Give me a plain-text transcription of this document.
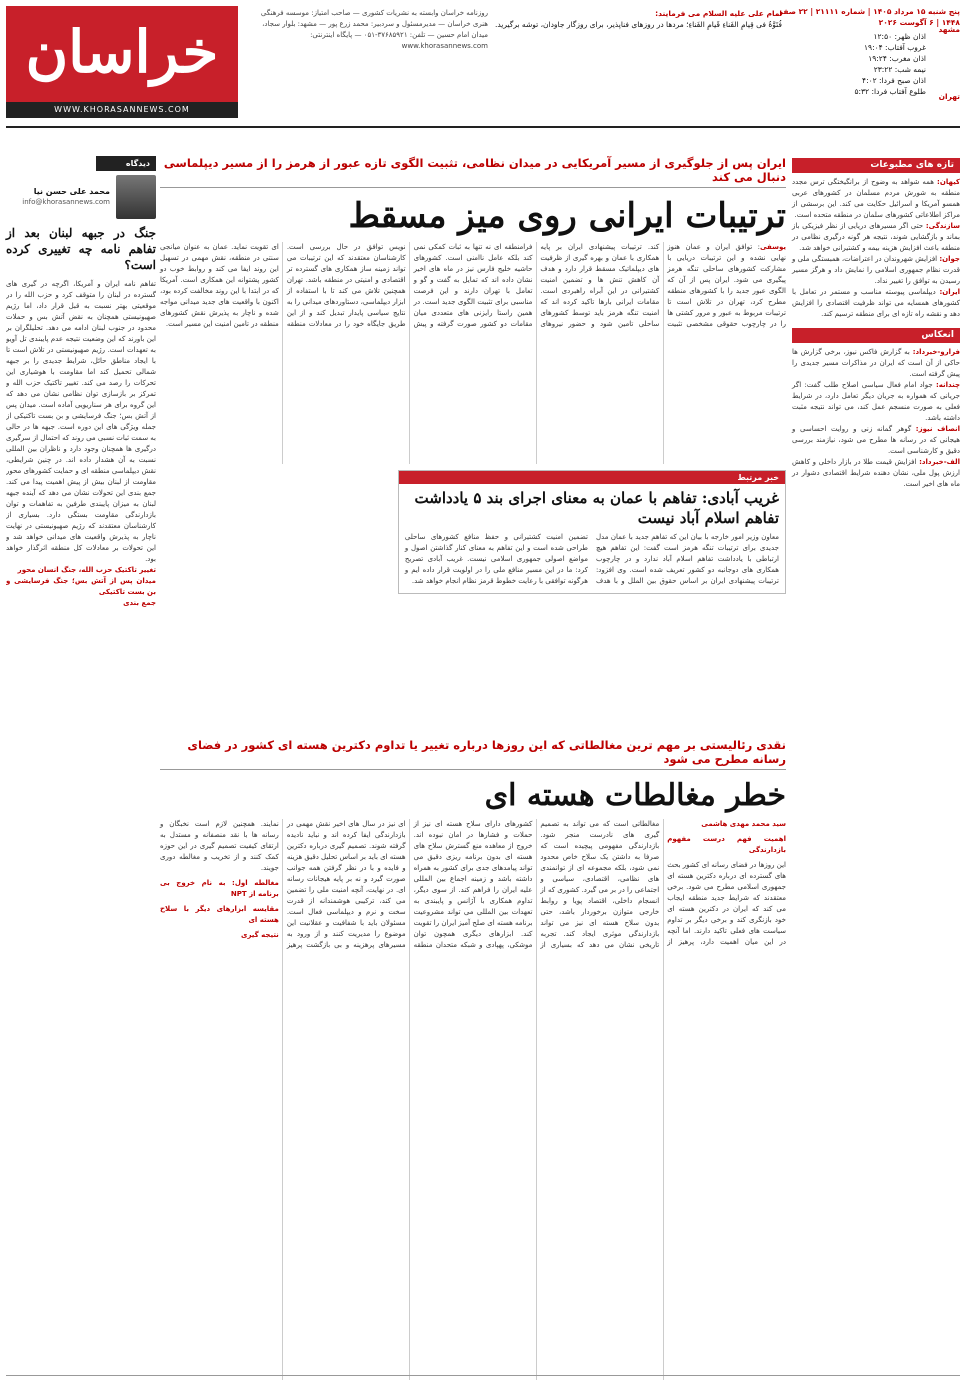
خراسان
WWW.KHORASANNEWS.COM
روزنامه خراسان وابسته به نشریات کشوری — صاحب امتیاز: موسسه فرهنگی هنری خراسان — مدیرمسئول و سردبیر: محمد زرع پور — مشهد: بلوار سجاد، میدان امام حسین — تلفن: ۳۷۶۸۵۹۲۱-۰۵۱ — پایگاه اینترنتی: www.khorasannews.com
امام علی علیه السلام می فرمایند:
فُتَوَّةُ فی قِیامِ الفَناءِ قَیامِ الفَناءِ؛ مردها در روزهای فناپذیر، برای روزگار جاودان، توشه برگیرید.
پنج شنبه ۱۵ مرداد ۱۴۰۵ | شماره ۲۱۱۱۱ | ۲۲ صفر ۱۴۴۸ | ۶ آگوست ۲۰۲۶
مشهد
تهران
اذان ظهر: ۱۲:۵۰
غروب آفتاب: ۱۹:۰۴
اذان مغرب: ۱۹:۲۴
نیمه شب: ۲۳:۲۲
اذان صبح فردا: ۴:۰۲
طلوع آفتاب فردا: ۵:۳۲
تازه های مطبوعات

کیهان: همه شواهد به وضوح از برانگیختگی ترس مجدد منطقه به شورش مردم مسلمان در کشورهای عربی همسو آمریکا و اسرائیل حکایت می کند. این برسشی از مراکز اطلاعاتی کشورهای سلمان در منطقه متحده است.

سازندگی: حتی اگر مسیرهای دریایی از نظر فیزیکی باز بماند و بازگشایی شوند، نتیجه هر گونه درگیری نظامی در منطقه باعث افزایش هزینه بیمه و کشتیرانی خواهد شد.

جوان: افزایش شهروندان در اعتراضات، همبستگی ملی و قدرت نظام جمهوری اسلامی را نمایش داد و هرگز مسیر رسیدن به توافق را تغییر نداد.

ایران: دیپلماسی پیوسته مناسب و مستمر در تعامل با کشورهای همسایه می تواند ظرفیت اقتصادی را افزایش دهد و نقشه راه تازه ای برای منطقه ترسیم کند.

انعکاس

فرارو-خبرداد: به گزارش فاکس نیوز، برخی گزارش ها حاکی از آن است که ایران در مذاکرات مسیر جدیدی را پیش گرفته است.

چندانه: جواد امام فعال سیاسی اصلاح طلب گفت: اگر جریانی که همواره به جریان دیگر تعامل دارد، در شرایط فعلی به صورت منسجم عمل کند، می تواند نتیجه مثبت داشته باشد.

انصاف نیوز: گوهر گمانه زنی و روایت احساسی و هیجانی که در رسانه ها مطرح می شود، نیازمند بررسی دقیق و کارشناسی است.

الف-خبرداد: افزایش قیمت طلا در بازار داخلی و کاهش ارزش پول ملی، نشان دهنده شرایط اقتصادی دشوار در ماه های اخیر است.

ایران پس از جلوگیری از مسیر آمریکایی در میدان نظامی، تثبیت الگوی تازه عبور از هرمز را از مسیر دیپلماسی دنبال می کند
ترتیبات ایرانی روی میز مسقط
یوسفی: توافق ایران و عمان هنوز نهایی نشده و این ترتیبات دریایی با مشارکت کشورهای ساحلی تنگه هرمز پیگیری می شود. ایران پس از آن که الگوی عبور جدید را با کشورهای منطقه مطرح کرد، تهران در تلاش است تا ترتیبات مربوط به عبور و مرور کشتی ها را در چارچوب حقوقی مشخصی تثبیت کند. ترتیبات پیشنهادی ایران بر پایه همکاری با عمان و بهره گیری از ظرفیت های دیپلماتیک مسقط قرار دارد و هدف آن کاهش تنش ها و تضمین امنیت کشتیرانی در این آبراه راهبردی است. مقامات ایرانی بارها تاکید کرده اند که امنیت تنگه هرمز باید توسط کشورهای ساحلی تامین شود و حضور نیروهای فرامنطقه ای نه تنها به ثبات کمکی نمی کند بلکه عامل ناامنی است. کشورهای حاشیه خلیج فارس نیز در ماه های اخیر نشان داده اند که تمایل به گفت و گو و تعامل با تهران دارند و این فرصت مناسبی برای تثبیت الگوی جدید است. در همین راستا رایزنی های متعددی میان مقامات دو کشور صورت گرفته و پیش نویس توافق در حال بررسی است. کارشناسان معتقدند که این ترتیبات می تواند زمینه ساز همکاری های گسترده تر اقتصادی و امنیتی در منطقه باشد. تهران همچنین تلاش می کند تا با استفاده از ابزار دیپلماسی، دستاوردهای میدانی را به نتایج سیاسی پایدار تبدیل کند و از این طریق جایگاه خود را در معادلات منطقه ای تقویت نماید. عمان به عنوان میانجی سنتی در منطقه، نقش مهمی در تسهیل این روند ایفا می کند و روابط خوب دو کشور پشتوانه این همکاری است. آمریکا که در ابتدا با این روند مخالفت کرده بود، اکنون با واقعیت های جدید میدانی مواجه شده و ناچار به پذیرش نقش کشورهای منطقه در تامین امنیت این مسیر است.
خبر مرتبط
غریب آبادی: تفاهم با عمان به معنای اجرای بند ۵ یادداشت تفاهم اسلام آباد نیست
معاون وزیر امور خارجه با بیان این که تفاهم جدید با عمان مدل جدیدی برای ترتیبات تنگه هرمز است گفت: این تفاهم هیچ ارتباطی با یادداشت تفاهم اسلام آباد ندارد و در چارچوب همکاری های دوجانبه دو کشور تعریف شده است. وی افزود: ترتیبات پیشنهادی ایران بر اساس حقوق بین الملل و با هدف تضمین امنیت کشتیرانی و حفظ منافع کشورهای ساحلی طراحی شده است و این تفاهم به معنای کنار گذاشتن اصول و مواضع اصولی جمهوری اسلامی نیست. غریب آبادی تصریح کرد: ما در این مسیر منافع ملی را در اولویت قرار داده ایم و هرگونه توافقی با رعایت خطوط قرمز نظام انجام خواهد شد.
نقدی رئالیستی بر مهم ترین مغالطاتی که این روزها درباره تغییر یا تداوم دکترین هسته ای کشور در فضای رسانه مطرح می شود
خطر مغالطات هسته ای
سید محمد مهدی هاشمی
اهمیت فهم درست مفهوم بازدارندگی
این روزها در فضای رسانه ای کشور بحث های گسترده ای درباره دکترین هسته ای جمهوری اسلامی مطرح می شود. برخی معتقدند که شرایط جدید منطقه ایجاب می کند که ایران در دکترین هسته ای خود بازنگری کند و برخی دیگر بر تداوم سیاست های فعلی تاکید دارند. اما آنچه در این میان اهمیت دارد، پرهیز از مغالطاتی است که می تواند به تصمیم گیری های نادرست منجر شود. بازدارندگی مفهومی پیچیده است که صرفا به داشتن یک سلاح خاص محدود نمی شود، بلکه مجموعه ای از توانمندی های نظامی، اقتصادی، سیاسی و اجتماعی را در بر می گیرد. کشوری که از انسجام داخلی، اقتصاد پویا و روابط خارجی متوازن برخوردار باشد، حتی بدون سلاح هسته ای نیز می تواند بازدارندگی موثری ایجاد کند. تجربه تاریخی نشان می دهد که بسیاری از کشورهای دارای سلاح هسته ای نیز از حملات و فشارها در امان نبوده اند. خروج از معاهده منع گسترش سلاح های هسته ای بدون برنامه ریزی دقیق می تواند پیامدهای جدی برای کشور به همراه داشته باشد و زمینه اجماع بین المللی علیه ایران را فراهم کند. از سوی دیگر، تداوم همکاری با آژانس و پایبندی به تعهدات بین المللی می تواند مشروعیت برنامه هسته ای صلح آمیز ایران را تقویت کند. ابزارهای دیگری همچون توان موشکی، پهپادی و شبکه متحدان منطقه ای نیز در سال های اخیر نقش مهمی در بازدارندگی ایفا کرده اند و نباید نادیده گرفته شوند. تصمیم گیری درباره دکترین هسته ای باید بر اساس تحلیل دقیق هزینه و فایده و با در نظر گرفتن همه جوانب صورت گیرد و نه بر پایه هیجانات رسانه ای. در نهایت، آنچه امنیت ملی را تضمین می کند، ترکیبی هوشمندانه از قدرت سخت و نرم و دیپلماسی فعال است. مسئولان باید با شفافیت و عقلانیت این موضوع را مدیریت کنند و از ورود به مسیرهای پرهزینه و بی بازگشت پرهیز نمایند. همچنین لازم است نخبگان و رسانه ها با نقد منصفانه و مستدل به ارتقای کیفیت تصمیم گیری در این حوزه کمک کنند و از تخریب و مغالطه دوری جویند.
مغالطه اول: به نام خروج بی برنامه از NPT
مقایسه ابزارهای دیگر با سلاح هسته ای
نتیجه گیری
دیدگاه
محمد علی حسن نیا
info@khorasannews.com
جنگ در جبهه لبنان بعد از تفاهم نامه چه تغییری کرده است؟
تفاهم نامه ایران و آمریکا، اگرچه در گیری های گسترده در لبنان را متوقف کرد و حزب الله را در موقعیتی بهتر نسبت به قبل قرار داد، اما رژیم صهیونیستی همچنان به نقض آتش بس و حملات محدود در جنوب لبنان ادامه می دهد. تحلیلگران بر این باورند که این وضعیت نتیجه عدم پایبندی تل آویو به تعهدات است. رژیم صهیونیستی در تلاش است تا با ایجاد مناطق حائل، شرایط جدیدی را بر جبهه شمالی تحمیل کند اما مقاومت با هوشیاری این تحرکات را رصد می کند. تغییر تاکتیک حزب الله و تمرکز بر بازسازی توان نظامی نشان می دهد که این گروه برای هر سناریویی آماده است. میدان پس از آتش بس؛ جنگ فرسایشی و بن بست تاکتیکی از جمله ویژگی های این دوره است. جبهه ها در حالی به سمت ثبات نسبی می روند که احتمال از سرگیری درگیری ها همچنان وجود دارد و ناظران بین المللی نسبت به آن هشدار داده اند. در چنین شرایطی، نقش دیپلماسی منطقه ای و حمایت کشورهای محور مقاومت از لبنان بیش از پیش اهمیت پیدا می کند. جمع بندی این تحولات نشان می دهد که آینده جبهه لبنان به میزان پایبندی طرفین به تفاهمات و توان بازدارندگی مقاومت بستگی دارد. بسیاری از کارشناسان معتقدند که رژیم صهیونیستی در نهایت ناچار به پذیرش واقعیت های میدانی خواهد شد و این تحولات بر معادلات کل منطقه اثرگذار خواهد بود.
تغییر تاکتیک حزب الله، جنگ انسان محور
میدان پس از آتش بس؛ جنگ فرسایشی و بن بست تاکتیکی
جمع بندی
